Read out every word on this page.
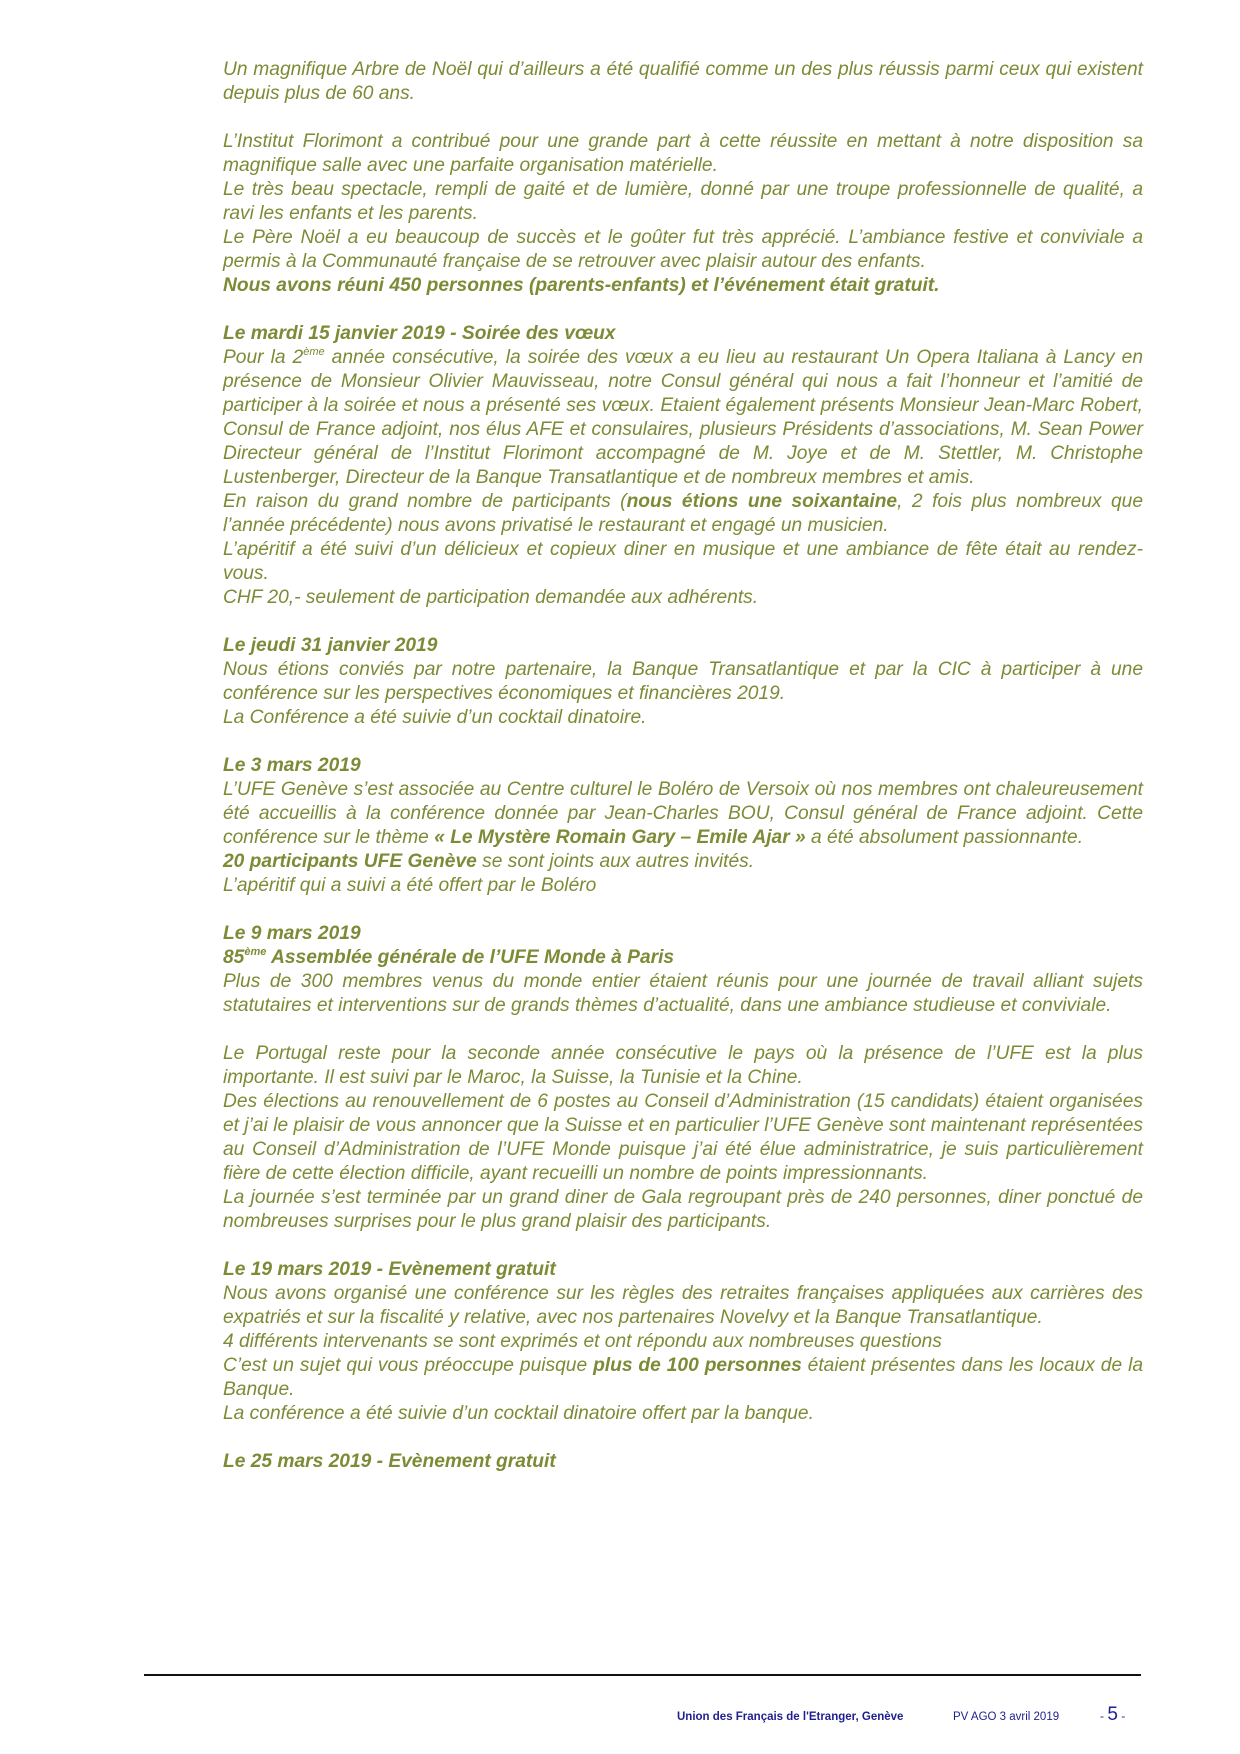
Un magnifique Arbre de Noël qui d’ailleurs a été qualifié comme un des plus réussis parmi ceux qui existent depuis plus de 60 ans.

L’Institut Florimont a contribué pour une grande part à cette réussite en mettant à notre disposition sa magnifique salle avec une parfaite organisation matérielle.

Le très beau spectacle, rempli de gaité et de lumière, donné par une troupe professionnelle de qualité, a ravi les enfants et les parents.

Le Père Noël a eu beaucoup de succès et le goûter fut très apprécié. L’ambiance festive et conviviale a permis à la Communauté française de se retrouver avec plaisir autour des enfants.

Nous avons réuni 450 personnes (parents-enfants) et l’événement était gratuit.

Le mardi 15 janvier 2019 - Soirée des vœux

Pour la 2ème année consécutive, la soirée des vœux a eu lieu au restaurant Un Opera Italiana à Lancy en présence de Monsieur Olivier Mauvisseau, notre Consul général qui nous a fait l’honneur et l’amitié de participer à la soirée et nous a présenté ses vœux. Etaient également présents Monsieur Jean-Marc Robert, Consul de France adjoint, nos élus AFE et consulaires, plusieurs Présidents d’associations, M. Sean Power Directeur général de l’Institut Florimont accompagné de M. Joye et de M. Stettler, M. Christophe Lustenberger, Directeur de la Banque Transatlantique et de nombreux membres et amis.

En raison du grand nombre de participants (nous étions une soixantaine, 2 fois plus nombreux que l’année précédente) nous avons privatisé le restaurant et engagé un musicien.

L’apéritif a été suivi d’un délicieux et copieux diner en musique et une ambiance de fête était au rendez-vous.

CHF 20,- seulement de participation demandée aux adhérents.

Le jeudi 31 janvier 2019

Nous étions conviés par notre partenaire, la Banque Transatlantique et par la CIC à participer à une conférence sur les perspectives économiques et financières 2019.

La Conférence a été suivie d’un cocktail dinatoire.

Le 3 mars 2019

L’UFE Genève s’est associée au Centre culturel le Boléro de Versoix où nos membres ont chaleureusement été accueillis à la conférence donnée par Jean-Charles BOU, Consul général de France adjoint. Cette conférence sur le thème « Le Mystère Romain Gary – Emile Ajar » a été absolument passionnante.

20 participants UFE Genève se sont joints aux autres invités.

L’apéritif qui a suivi a été offert par le Boléro

Le 9 mars 2019

85ème Assemblée générale de l’UFE Monde à Paris

Plus de 300 membres venus du monde entier étaient réunis pour une journée de travail alliant sujets statutaires et interventions sur de grands thèmes d’actualité, dans une ambiance studieuse et conviviale.

Le Portugal reste pour la seconde année consécutive le pays où la présence de l’UFE est la plus importante. Il est suivi par le Maroc, la Suisse, la Tunisie et la Chine.

Des élections au renouvellement de 6 postes au Conseil d’Administration (15 candidats) étaient organisées et j’ai le plaisir de vous annoncer que la Suisse et en particulier l’UFE Genève sont maintenant représentées au Conseil d’Administration de l’UFE Monde puisque j’ai été élue administratrice, je suis particulièrement fière de cette élection difficile, ayant recueilli un nombre de points impressionnants.

La journée s’est terminée par un grand diner de Gala regroupant près de 240 personnes, diner ponctué de nombreuses surprises pour le plus grand plaisir des participants.

Le 19 mars 2019 - Evènement gratuit

Nous avons organisé une conférence sur les règles des retraites françaises appliquées aux carrières des expatriés et sur la fiscalité y relative, avec nos partenaires Novelvy et la Banque Transatlantique.

4 différents intervenants se sont exprimés et ont répondu aux nombreuses questions

C’est un sujet qui vous préoccupe puisque plus de 100 personnes étaient présentes dans les locaux de la Banque.

La conférence a été suivie d’un cocktail dinatoire offert par la banque.

Le 25 mars 2019 - Evènement gratuit

Union des Français de l'Etranger, Genève	PV AGO 3 avril 2019	- 5 -
